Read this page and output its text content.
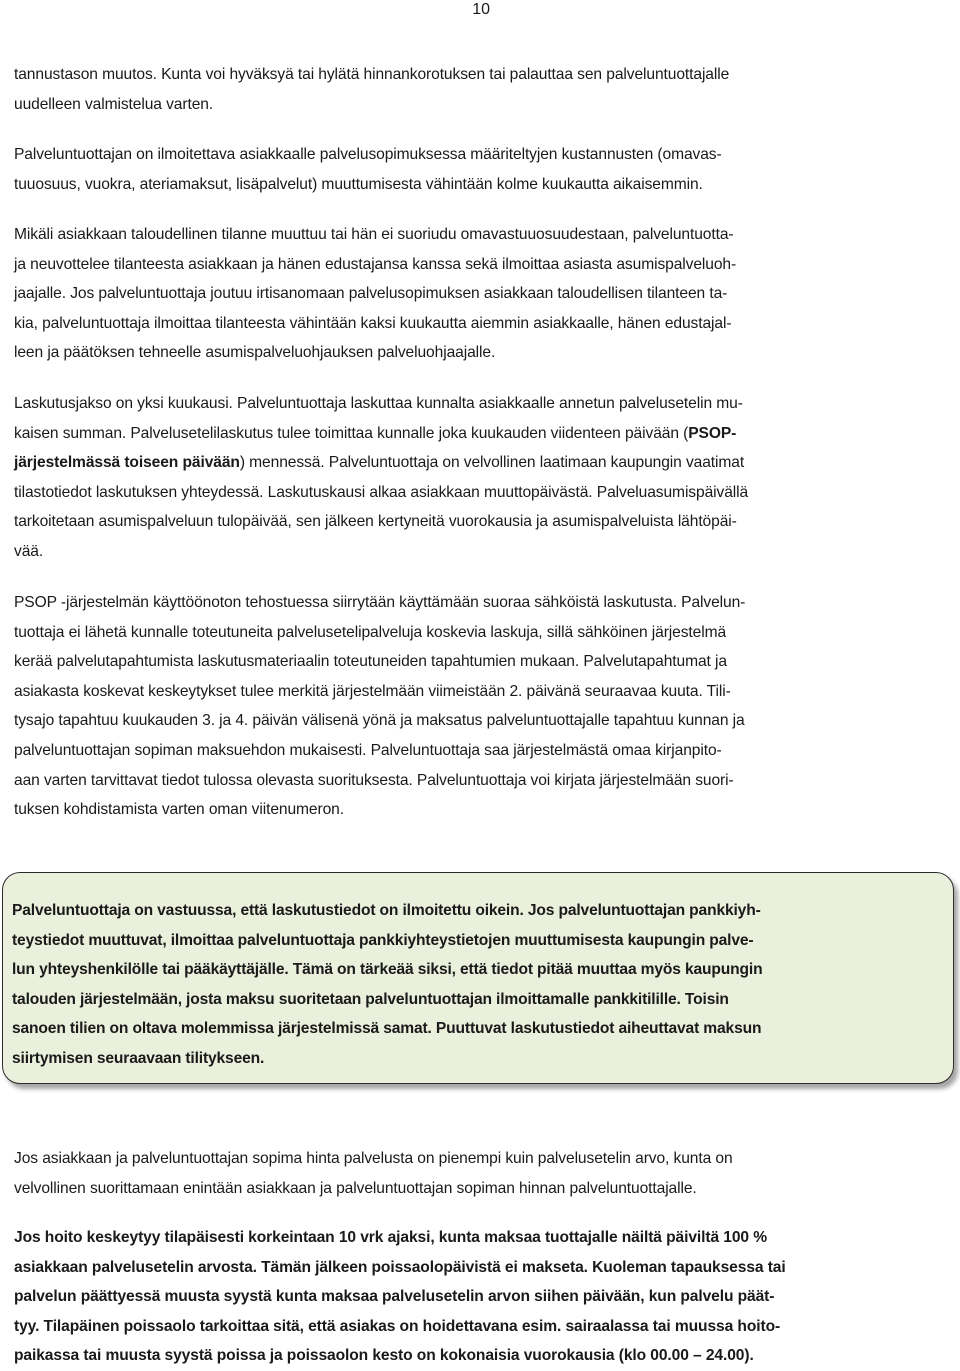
10
tannustason muutos. Kunta voi hyväksyä tai hylätä hinnankorotuksen tai palauttaa sen palveluntuottajalle
uudelleen valmistelua varten.
Palveluntuottajan on ilmoitettava asiakkaalle palvelusopimuksessa määriteltyjen kustannusten (omavas-
tuuosuus, vuokra, ateriamaksut, lisäpalvelut) muuttumisesta vähintään kolme kuukautta aikaisemmin.
Mikäli asiakkaan taloudellinen tilanne muuttuu tai hän ei suoriudu omavastuuosuudestaan, palveluntuotta-
ja neuvottelee tilanteesta asiakkaan ja hänen edustajansa kanssa sekä ilmoittaa asiasta asumispalveluoh-
jaajalle. Jos palveluntuottaja joutuu irtisanomaan palvelusopimuksen asiakkaan taloudellisen tilanteen ta-
kia, palveluntuottaja ilmoittaa tilanteesta vähintään kaksi kuukautta aiemmin asiakkaalle, hänen edustajal-
leen ja päätöksen tehneelle asumispalveluohjauksen palveluohjaajalle.
Laskutusjakso on yksi kuukausi. Palveluntuottaja laskuttaa kunnalta asiakkaalle annetun palvelusetelin mu-
kaisen summan. Palvelusetelilaskutus tulee toimittaa kunnalle joka kuukauden viidenteen päivään (PSOP-
järjestelmässä toiseen päivään) mennessä. Palveluntuottaja on velvollinen laatimaan kaupungin vaatimat
tilastotiedot laskutuksen yhteydessä. Laskutuskausi alkaa asiakkaan muuttopäivästä. Palveluasumispäivällä
tarkoitetaan asumispalveluun tulopäivää, sen jälkeen kertyneitä vuorokausia ja asumispalveluista lähtöpäi-
vää.
PSOP -järjestelmän käyttöönoton tehostuessa siirrytään käyttämään suoraa sähköistä laskutusta. Palvelun-
tuottaja ei lähetä kunnalle toteutuneita palvelusetelipalveluja koskevia laskuja, sillä sähköinen järjestelmä
kerää palvelutapahtumista laskutusmateriaalin toteutuneiden tapahtumien mukaan. Palvelutapahtumat ja
asiakasta koskevat keskeytykset tulee merkitä järjestelmään viimeistään 2. päivänä seuraavaa kuuta. Tili-
tysajo tapahtuu kuukauden 3. ja 4. päivän välisenä yönä ja maksatus palveluntuottajalle tapahtuu kunnan ja
palveluntuottajan sopiman maksuehdon mukaisesti. Palveluntuottaja saa järjestelmästä omaa kirjanpito-
aan varten tarvittavat tiedot tulossa olevasta suorituksesta. Palveluntuottaja voi kirjata järjestelmään suori-
tuksen kohdistamista varten oman viitenumeron.
Palveluntuottaja on vastuussa, että laskutustiedot on ilmoitettu oikein. Jos palveluntuottajan pankkiyh-
teystiedot muuttuvat, ilmoittaa palveluntuottaja pankkiyhteystietojen muuttumisesta kaupungin palve-
lun yhteyshenkilölle tai pääkäyttäjälle. Tämä on tärkeää siksi, että tiedot pitää muuttaa myös kaupungin
talouden järjestelmään, josta maksu suoritetaan palveluntuottajan ilmoittamalle pankkitilille. Toisin
sanoen tilien on oltava molemmissa järjestelmissä samat. Puuttuvat laskutustiedot aiheuttavat maksun
siirtymisen seuraavaan tilitykseen.
Jos asiakkaan ja palveluntuottajan sopima hinta palvelusta on pienempi kuin palvelusetelin arvo, kunta on
velvollinen suorittamaan enintään asiakkaan ja palveluntuottajan sopiman hinnan palveluntuottajalle.
Jos hoito keskeytyy tilapäisesti korkeintaan 10 vrk ajaksi, kunta maksaa tuottajalle näiltä päiviltä 100 %
asiakkaan palvelusetelin arvosta. Tämän jälkeen poissaolopäivistä ei makseta. Kuoleman tapauksessa tai
palvelun päättyessä muusta syystä kunta maksaa palvelusetelin arvon siihen päivään, kun palvelu päät-
tyy. Tilapäinen poissaolo tarkoittaa sitä, että asiakas on hoidettavana esim. sairaalassa tai muussa hoito-
paikassa tai muusta syystä poissa ja poissaolon kesto on kokonaisia vuorokausia (klo 00.00 – 24.00).
